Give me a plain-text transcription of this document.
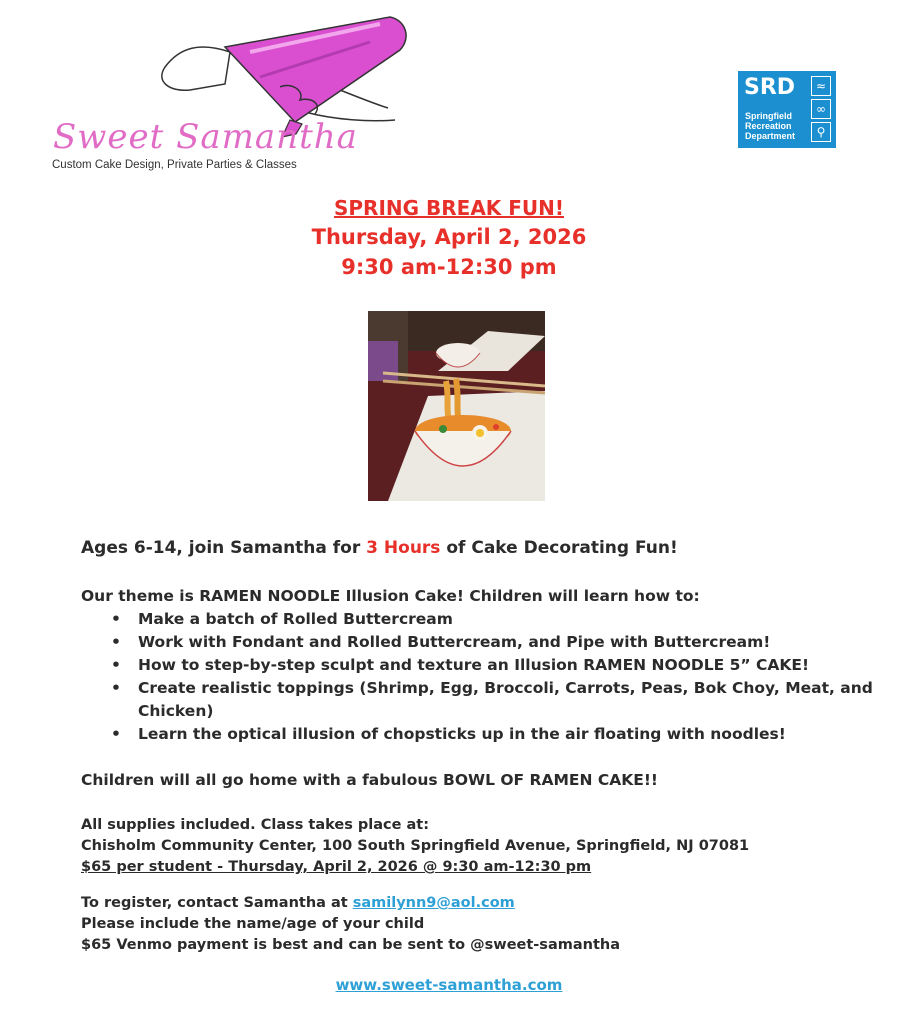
Sweet Samantha
Custom Cake Design, Private Parties & Classes
SRD
Springfield
Recreation
Department
≈
∞
⚲
SPRING BREAK FUN!
Thursday, April 2, 2026
9:30 am-12:30 pm
Ages 6-14, join Samantha for 3 Hours of Cake Decorating Fun!
Our theme is RAMEN NOODLE Illusion Cake! Children will learn how to:
• Make a batch of Rolled Buttercream
• Work with Fondant and Rolled Buttercream, and Pipe with Buttercream!
• How to step-by-step sculpt and texture an Illusion RAMEN NOODLE 5” CAKE!
• Create realistic toppings (Shrimp, Egg, Broccoli, Carrots, Peas, Bok Choy, Meat, and Chicken)
• Learn the optical illusion of chopsticks up in the air floating with noodles!
Children will all go home with a fabulous BOWL OF RAMEN CAKE!!
All supplies included. Class takes place at:
Chisholm Community Center, 100 South Springfield Avenue, Springfield, NJ 07081
$65 per student - Thursday, April 2, 2026 @ 9:30 am-12:30 pm
To register, contact Samantha at samilynn9@aol.com
Please include the name/age of your child
$65 Venmo payment is best and can be sent to @sweet-samantha
www.sweet-samantha.com
